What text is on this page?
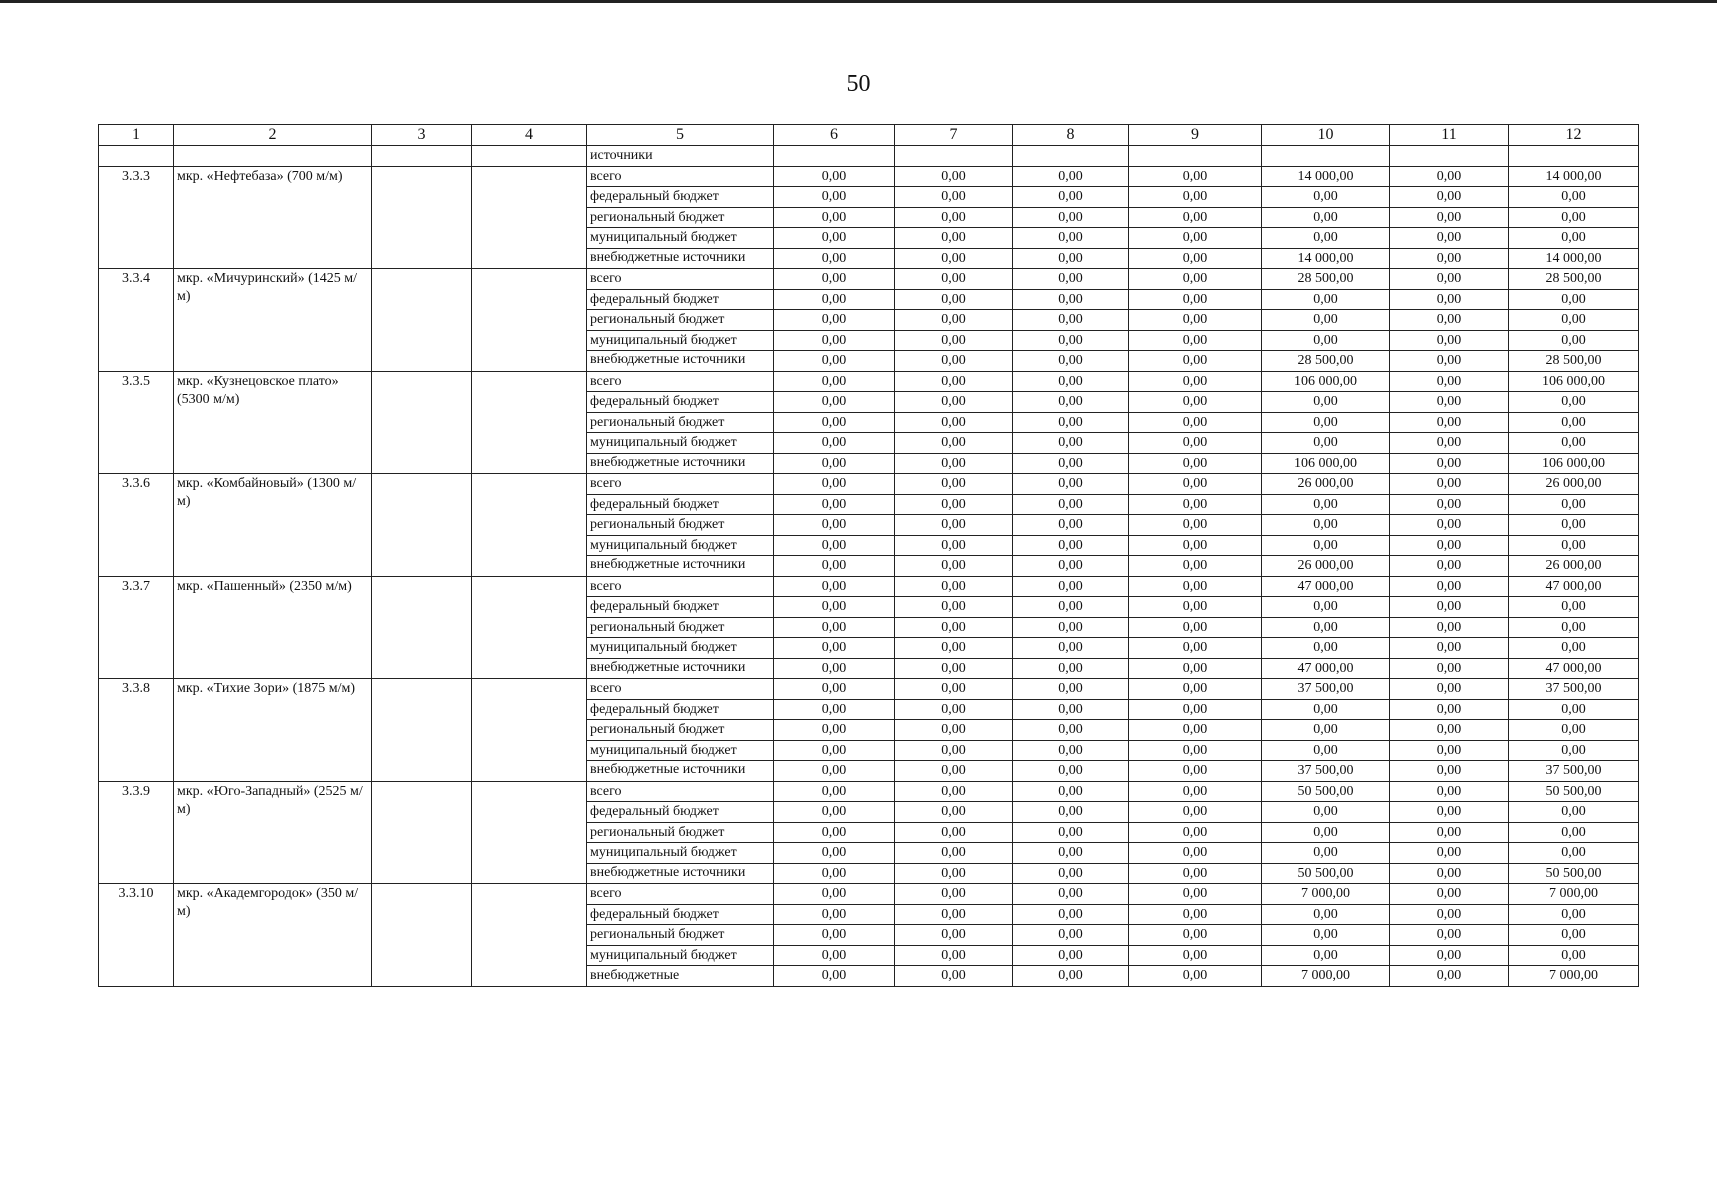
50
1	2	3	4	5	6	7	8	9	10	11	12
				источники							
3.3.3	мкр. «Нефтебаза» (700 м/м)			всего	0,00	0,00	0,00	0,00	14 000,00	0,00	14 000,00
				федеральный бюджет	0,00	0,00	0,00	0,00	0,00	0,00	0,00
				региональный бюджет	0,00	0,00	0,00	0,00	0,00	0,00	0,00
				муниципальный бюджет	0,00	0,00	0,00	0,00	0,00	0,00	0,00
				внебюджетные источники	0,00	0,00	0,00	0,00	14 000,00	0,00	14 000,00
3.3.4	мкр. «Мичуринский» (1425 м/м)			всего	0,00	0,00	0,00	0,00	28 500,00	0,00	28 500,00
				федеральный бюджет	0,00	0,00	0,00	0,00	0,00	0,00	0,00
				региональный бюджет	0,00	0,00	0,00	0,00	0,00	0,00	0,00
				муниципальный бюджет	0,00	0,00	0,00	0,00	0,00	0,00	0,00
				внебюджетные источники	0,00	0,00	0,00	0,00	28 500,00	0,00	28 500,00
3.3.5	мкр. «Кузнецовское плато» (5300 м/м)			всего	0,00	0,00	0,00	0,00	106 000,00	0,00	106 000,00
				федеральный бюджет	0,00	0,00	0,00	0,00	0,00	0,00	0,00
				региональный бюджет	0,00	0,00	0,00	0,00	0,00	0,00	0,00
				муниципальный бюджет	0,00	0,00	0,00	0,00	0,00	0,00	0,00
				внебюджетные источники	0,00	0,00	0,00	0,00	106 000,00	0,00	106 000,00
3.3.6	мкр. «Комбайновый» (1300 м/м)			всего	0,00	0,00	0,00	0,00	26 000,00	0,00	26 000,00
				федеральный бюджет	0,00	0,00	0,00	0,00	0,00	0,00	0,00
				региональный бюджет	0,00	0,00	0,00	0,00	0,00	0,00	0,00
				муниципальный бюджет	0,00	0,00	0,00	0,00	0,00	0,00	0,00
				внебюджетные источники	0,00	0,00	0,00	0,00	26 000,00	0,00	26 000,00
3.3.7	мкр. «Пашенный» (2350 м/м)			всего	0,00	0,00	0,00	0,00	47 000,00	0,00	47 000,00
				федеральный бюджет	0,00	0,00	0,00	0,00	0,00	0,00	0,00
				региональный бюджет	0,00	0,00	0,00	0,00	0,00	0,00	0,00
				муниципальный бюджет	0,00	0,00	0,00	0,00	0,00	0,00	0,00
				внебюджетные источники	0,00	0,00	0,00	0,00	47 000,00	0,00	47 000,00
3.3.8	мкр. «Тихие Зори» (1875 м/м)			всего	0,00	0,00	0,00	0,00	37 500,00	0,00	37 500,00
				федеральный бюджет	0,00	0,00	0,00	0,00	0,00	0,00	0,00
				региональный бюджет	0,00	0,00	0,00	0,00	0,00	0,00	0,00
				муниципальный бюджет	0,00	0,00	0,00	0,00	0,00	0,00	0,00
				внебюджетные источники	0,00	0,00	0,00	0,00	37 500,00	0,00	37 500,00
3.3.9	мкр. «Юго-Западный» (2525 м/м)			всего	0,00	0,00	0,00	0,00	50 500,00	0,00	50 500,00
				федеральный бюджет	0,00	0,00	0,00	0,00	0,00	0,00	0,00
				региональный бюджет	0,00	0,00	0,00	0,00	0,00	0,00	0,00
				муниципальный бюджет	0,00	0,00	0,00	0,00	0,00	0,00	0,00
				внебюджетные источники	0,00	0,00	0,00	0,00	50 500,00	0,00	50 500,00
3.3.10	мкр. «Академгородок» (350 м/м)			всего	0,00	0,00	0,00	0,00	7 000,00	0,00	7 000,00
				федеральный бюджет	0,00	0,00	0,00	0,00	0,00	0,00	0,00
				региональный бюджет	0,00	0,00	0,00	0,00	0,00	0,00	0,00
				муниципальный бюджет	0,00	0,00	0,00	0,00	0,00	0,00	0,00
				внебюджетные	0,00	0,00	0,00	0,00	7 000,00	0,00	7 000,00
